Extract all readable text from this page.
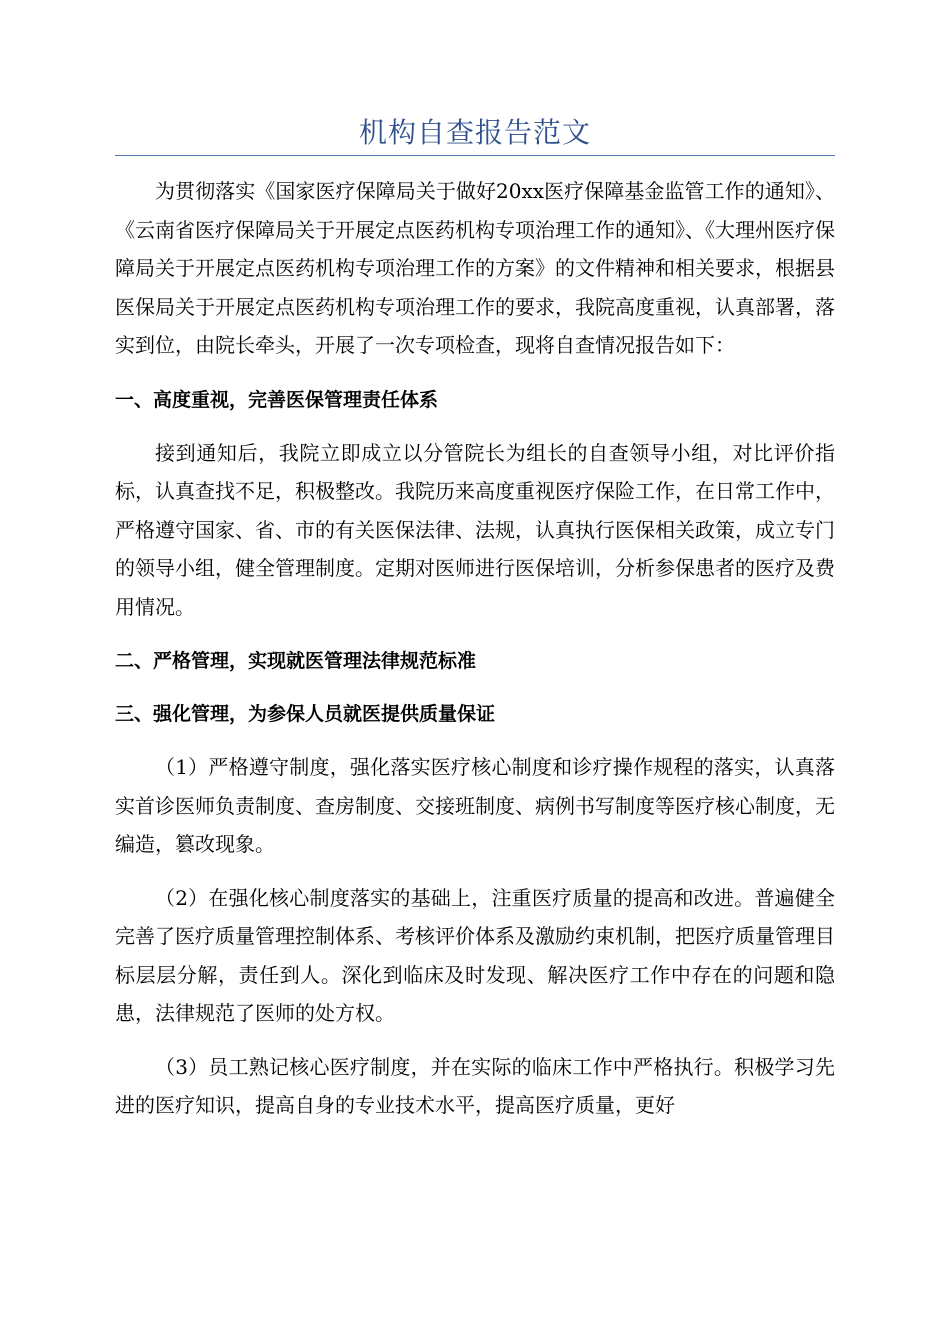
机构自查报告范文

为贯彻落实《国家医疗保障局关于做好20xx医疗保障基金监管工作的通知》、《云南省医疗保障局关于开展定点医药机构专项治理工作的通知》、《大理州医疗保障局关于开展定点医药机构专项治理工作的方案》的文件精神和相关要求，根据县医保局关于开展定点医药机构专项治理工作的要求，我院高度重视，认真部署，落实到位，由院长牵头，开展了一次专项检查，现将自查情况报告如下：

一、高度重视，完善医保管理责任体系

接到通知后，我院立即成立以分管院长为组长的自查领导小组，对比评价指标，认真查找不足，积极整改。我院历来高度重视医疗保险工作，在日常工作中，严格遵守国家、省、市的有关医保法律、法规，认真执行医保相关政策，成立专门的领导小组，健全管理制度。定期对医师进行医保培训，分析参保患者的医疗及费用情况。

二、严格管理，实现就医管理法律规范标准

三、强化管理，为参保人员就医提供质量保证

（1）严格遵守制度，强化落实医疗核心制度和诊疗操作规程的落实，认真落实首诊医师负责制度、查房制度、交接班制度、病例书写制度等医疗核心制度，无编造，篡改现象。

（2）在强化核心制度落实的基础上，注重医疗质量的提高和改进。普遍健全完善了医疗质量管理控制体系、考核评价体系及激励约束机制，把医疗质量管理目标层层分解，责任到人。深化到临床及时发现、解决医疗工作中存在的问题和隐患，法律规范了医师的处方权。

（3）员工熟记核心医疗制度，并在实际的临床工作中严格执行。积极学习先进的医疗知识，提高自身的专业技术水平，提高医疗质量，更好
